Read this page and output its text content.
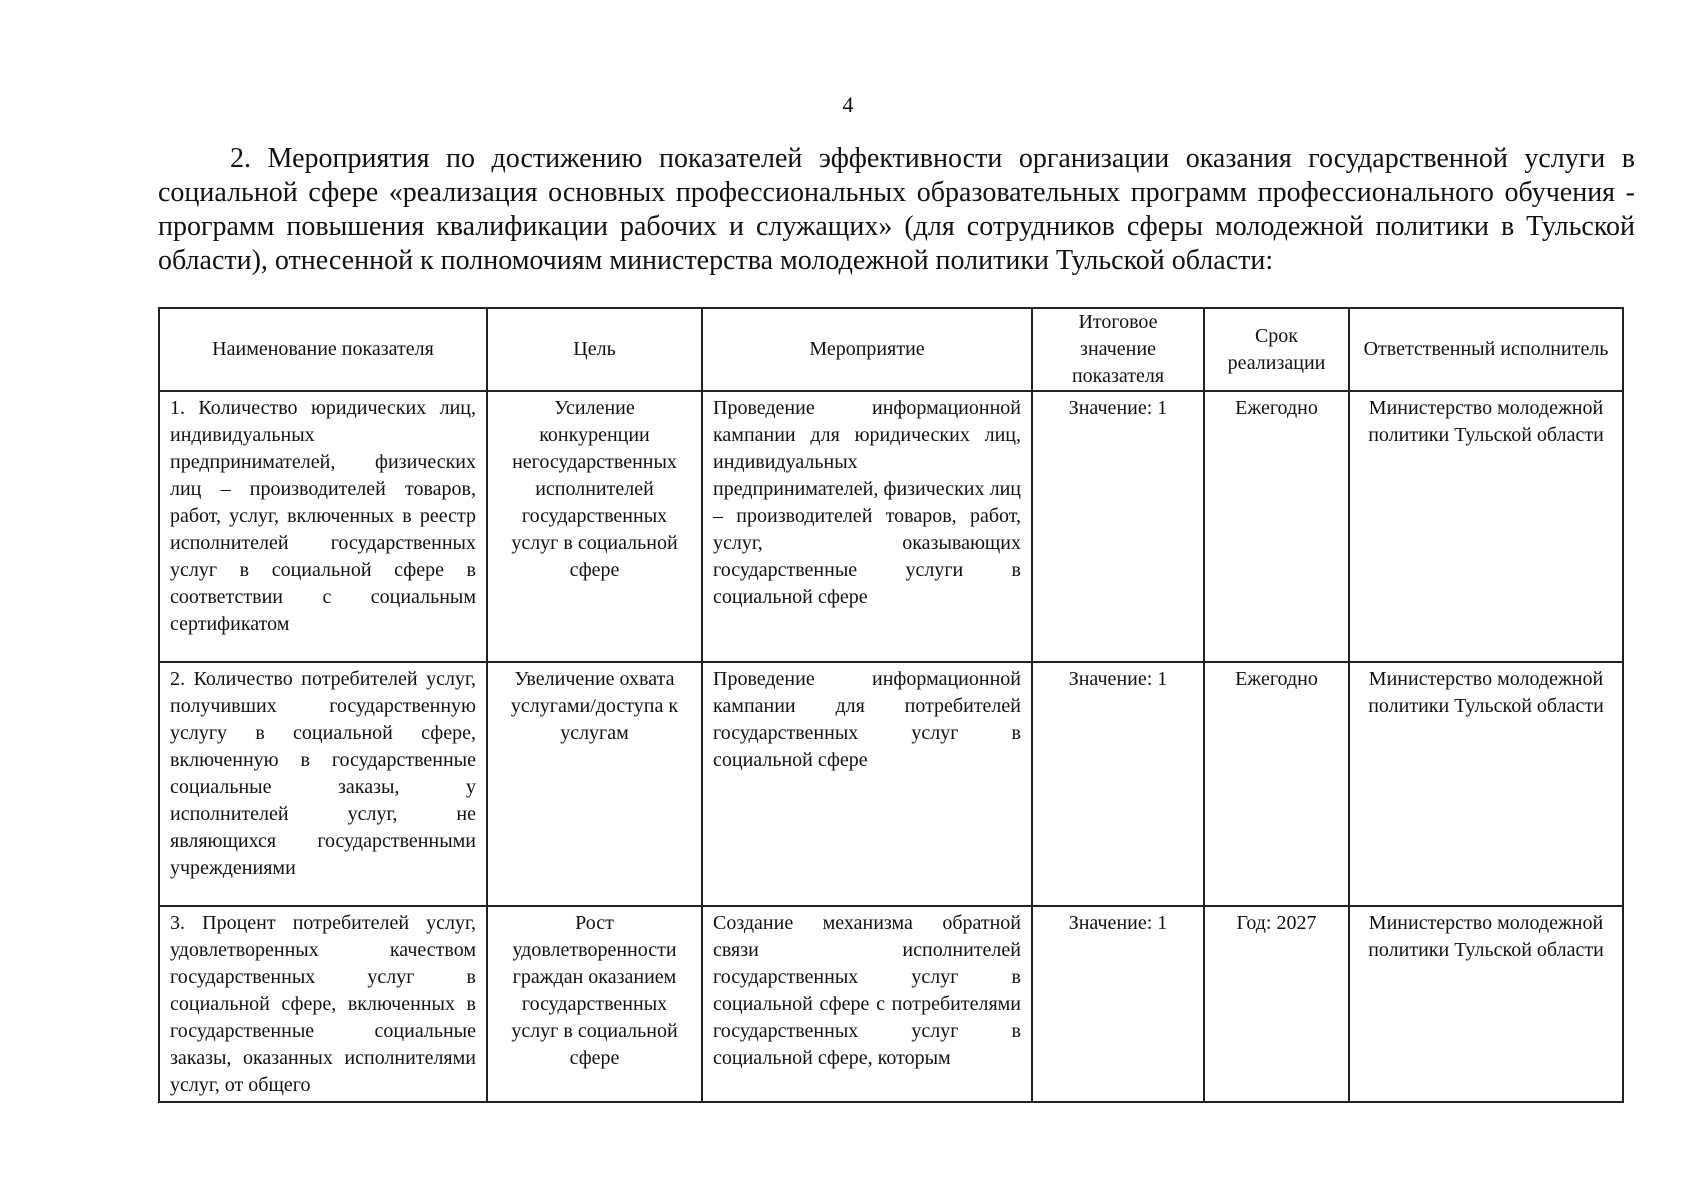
4
2. Мероприятия по достижению показателей эффективности организации оказания государственной услуги в социальной сфере «реализация основных профессиональных образовательных программ профессионального обучения - программ повышения квалификации рабочих и служащих» (для сотрудников сферы молодежной политики в Тульской области), отнесенной к полномочиям министерства молодежной политики Тульской области:
Наименование показателя	Цель	Мероприятие	Итоговое значение показателя	Срок реализации	Ответственный исполнитель
1. Количество юридических лиц, индивидуальных предпринимателей, физических лиц – производителей товаров, работ, услуг, включенных в реестр исполнителей государственных услуг в социальной сфере в соответствии с социальным сертификатом	Усиление конкуренции негосударственных исполнителей государственных услуг в социальной сфере	Проведение информационной кампании для юридических лиц, индивидуальных предпринимателей, физических лиц – производителей товаров, работ, услуг, оказывающих государственные услуги в социальной сфере	Значение: 1	Ежегодно	Министерство молодежной политики Тульской области
2. Количество потребителей услуг, получивших государственную услугу в социальной сфере, включенную в государственные социальные заказы, у исполнителей услуг, не являющихся государственными учреждениями	Увеличение охвата услугами/доступа к услугам	Проведение информационной кампании для потребителей государственных услуг в социальной сфере	Значение: 1	Ежегодно	Министерство молодежной политики Тульской области
3. Процент потребителей услуг, удовлетворенных качеством государственных услуг в социальной сфере, включенных в государственные социальные заказы, оказанных исполнителями услуг, от общего	Рост удовлетворенности граждан оказанием государственных услуг в социальной сфере	Создание механизма обратной связи исполнителей государственных услуг в социальной сфере с потребителями государственных услуг в социальной сфере, которым	Значение: 1	Год: 2027	Министерство молодежной политики Тульской области
